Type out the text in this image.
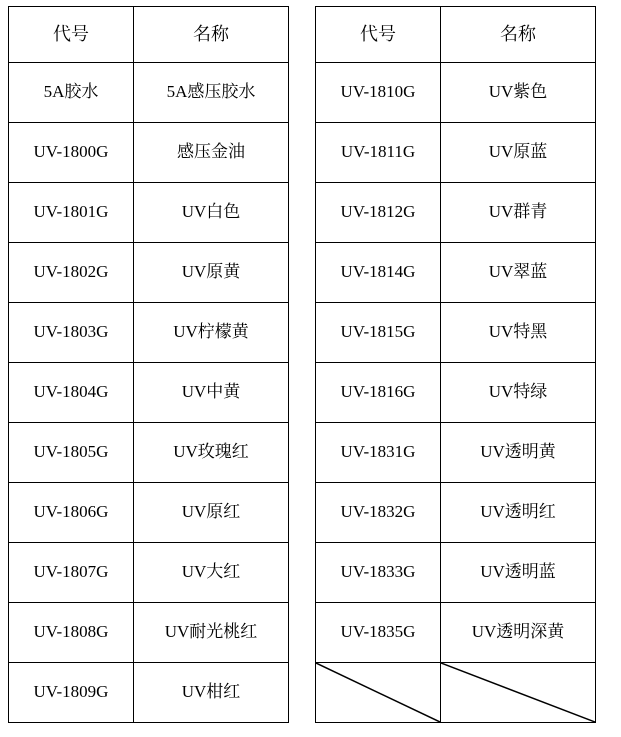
代号	名称
5A胶水	5A感压胶水
UV-1800G	感压金油
UV-1801G	UV白色
UV-1802G	UV原黄
UV-1803G	UV柠檬黄
UV-1804G	UV中黄
UV-1805G	UV玫瑰红
UV-1806G	UV原红
UV-1807G	UV大红
UV-1808G	UV耐光桃红
UV-1809G	UV柑红
代号	名称
UV-1810G	UV紫色
UV-1811G	UV原蓝
UV-1812G	UV群青
UV-1814G	UV翠蓝
UV-1815G	UV特黑
UV-1816G	UV特绿
UV-1831G	UV透明黄
UV-1832G	UV透明红
UV-1833G	UV透明蓝
UV-1835G	UV透明深黄
